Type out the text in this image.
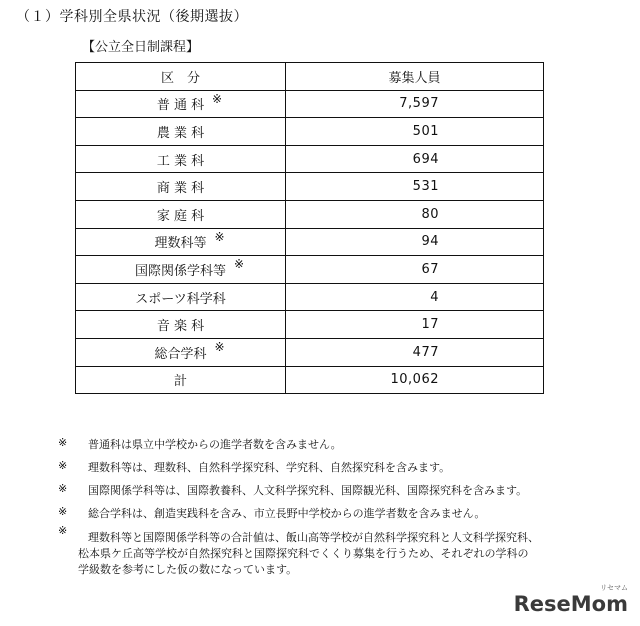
（１）学科別全県状況（後期選抜）
【公立全日制課程】
区　分	募集人員
普 通 科 ※	7,597
農 業 科	501
工 業 科	694
商 業 科	531
家 庭 科	80
理数科等 ※	94
国際関係学科等 ※	67
スポーツ科学科	4
音 楽 科	17
総合学科 ※	477
計	10,062
※ 普通科は県立中学校からの進学者数を含みません。
※ 理数科等は、理数科、自然科学探究科、学究科、自然探究科を含みます。
※ 国際関係学科等は、国際教養科、人文科学探究科、国際観光科、国際探究科を含みます。
※ 総合学科は、創造実践科を含み、市立長野中学校からの進学者数を含みません。
※
理数科等と国際関係学科等の合計値は、飯山高等学校が自然科学探究科と人文科学探究科、
松本県ケ丘高等学校が自然探究科と国際探究科でくくり募集を行うため、それぞれの学科の
学級数を参考にした仮の数になっています。
ReseMom
リセマム
